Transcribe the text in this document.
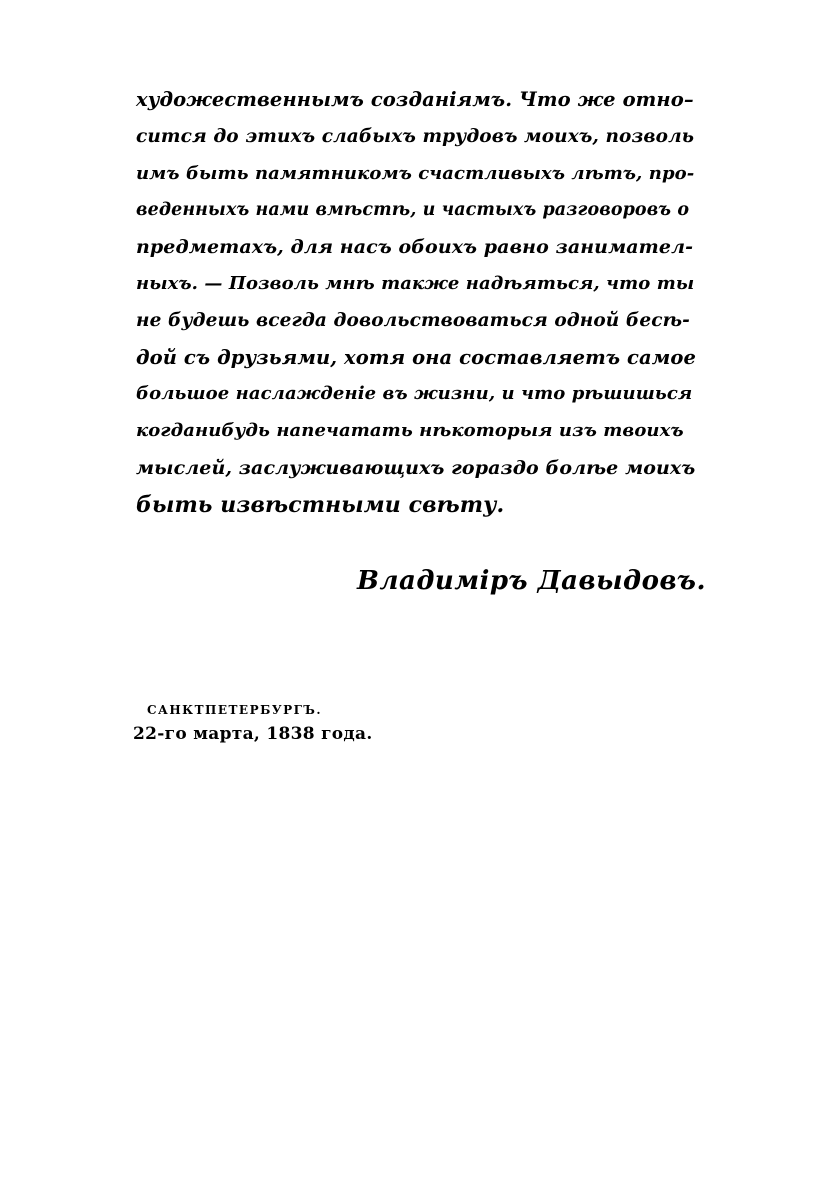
художественнымъ созданіямъ. Что же отно–
сится до этихъ слабыхъ трудовъ моихъ, позволь
имъ быть памятникомъ счастливыхъ лѣтъ, про-
веденныхъ нами вмѣстѣ, и частыхъ разговоровъ о
предметахъ, для насъ обоихъ равно занимател-
ныхъ. — Позволь мнѣ также надѣяться, что ты
не будешь всегда довольствоваться одной бесѣ-
дой съ друзьями, хотя она составляетъ самое
большое наслажденіе въ жизни, и что рѣшишься
когданибудь напечатать нѣкоторыя изъ твоихъ
мыслей, заслуживающихъ гораздо болѣе моихъ
быть извѣстными свѣту.
Владиміръ Давыдовъ.
САНКТПЕТЕРБУРГЪ.
22-го марта, 1838 года.
